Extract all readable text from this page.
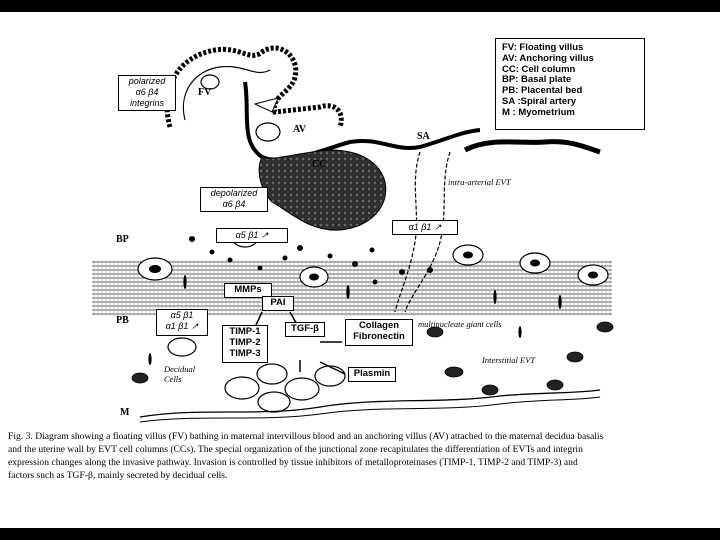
FV: Floating villus
AV: Anchoring villus
CC: Cell column
BP: Basal plate
PB: Placental bed
SA :Spiral artery
M : Myometrium
FV
AV
CC
SA
BP
PB
M
polarized
α6 β4
integrins
depolarized
α6 β4
α5 β1 ↗
α1 β1 ↗
α5 β1
α1 β1 ↗
MMPs
PAI
TIMP-1
TIMP-2
TIMP-3
TGF-β	Collagen
Fibronectin
Plasmin
intra-arterial EVT
multinucleate giant cells
Interstitial EVT
Decidual
Cells
Fig. 3. Diagram showing a floating villus (FV) bathing in maternal intervillous blood and an anchoring villus (AV) attached to the maternal decidua basalis
and the uterine wall by EVT cell columns (CCs). The special organization of the junctional zone recapitulates the differentiation of EVTs and integrin
expression changes along the invasive pathway. Invasion is controlled by tissue inhibitors of metalloproteinases (TIMP-1, TIMP-2 and TIMP-3) and
factors such as TGF-β, mainly secreted by decidual cells.
